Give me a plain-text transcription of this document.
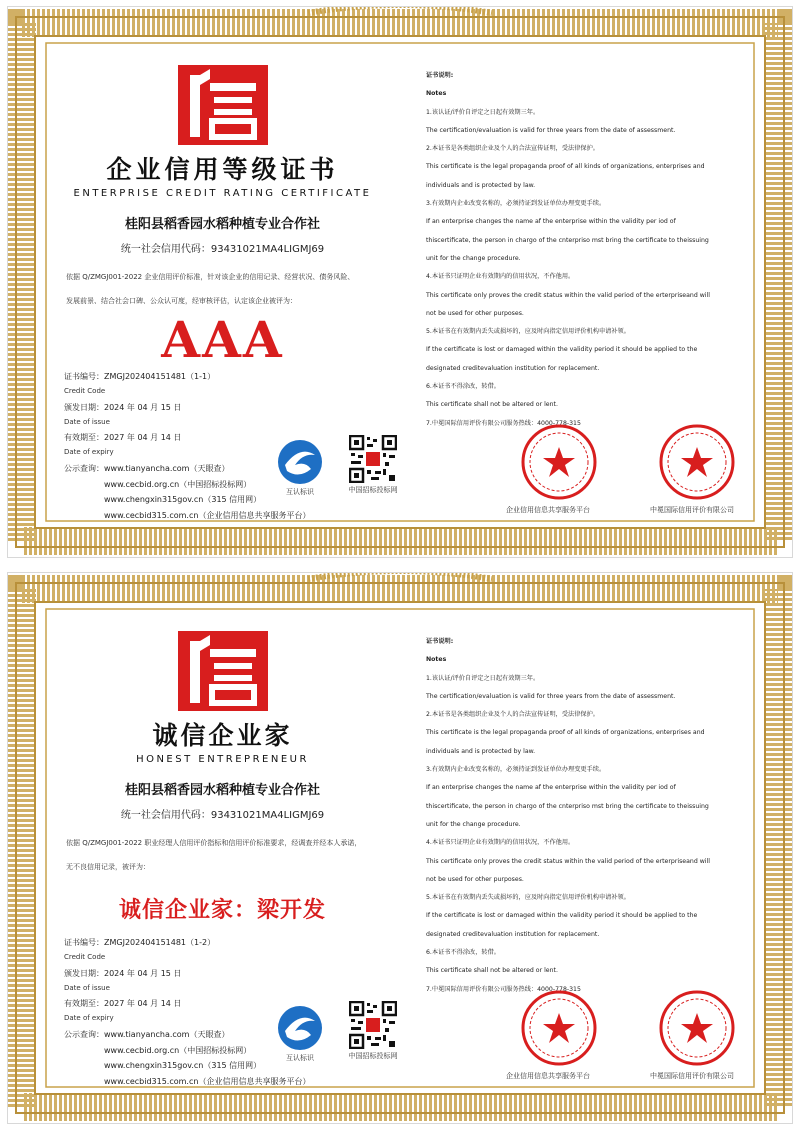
企业信用等级证书
ENTERPRISE CREDIT RATING CERTIFICATE
桂阳县稻香园水稻种植专业合作社
统一社会信用代码：93431021MA4LIGMJ69
依据 Q/ZMGJ001-2022 企业信用评价标准，针对该企业的信用记录、经营状况、债务风险、
发展前景、结合社会口碑、公众认可度，经审核评估，认定该企业被评为：
AAA
证书编号：ZMGJ202404151481（1-1）
Credit Code
颁发日期：2024 年 04 月 15 日
Date of issue
有效期至：2027 年 04 月 14 日
Date of expiry
公示查询：www.tianyancha.com（天眼查）
www.cecbid.org.cn（中国招标投标网）
www.chengxin315gov.cn（315 信用网）
www.cecbid315.com.cn（企业信用信息共享服务平台）
互认标识	中国招标投标网
证书说明:
Notes
1.该认证/评价自评定之日起有效期三年。
The certification/evaluation is valid for three years from the date of assessment.
2.本证书是各类组织企业及个人的合法宣传证明，受法律保护。
This certificate is the legal propaganda proof of all kinds of organizations, enterprises and
individuals and is protected by law.
3.有效期内企业改变名称的，必须持证到发证单位办理变更手续。
If an enterprise changes the name af the enterprise within the validity per iod of
thiscertificate, the person in chargo of the cnterpriso mst bring the certificate to theissuing
unit for the change procedure.
4.本证书只证明企业有效期内的信用状况，不作他用。
This certificate only proves the credit status within the valid period of the erterpriseand will
not be used for other purposes.
5.本证书在有效期内丢失或损坏的，应及时向指定信用评价机构申请补领。
If the certificate is lost or damaged within the validity period it should be applied to the
designated creditevaluation institution for replacement.
6.本证书不得涂改，转借。
This certificate shall not be altered or lent.
7.中冕国际信用评价有限公司服务热线：4000-778-315
企业信用信息共享服务平台	中冕国际信用评价有限公司
诚信企业家
HONEST ENTREPRENEUR
桂阳县稻香园水稻种植专业合作社
统一社会信用代码：93431021MA4LIGMJ69
依据 Q/ZMGJ001-2022 职业经理人信用评价指标和信用评价标准要求，经调查并经本人承诺，
无不良信用记录，被评为：
诚信企业家：梁开发
证书编号：ZMGJ202404151481（1-2）
Credit Code
颁发日期：2024 年 04 月 15 日
Date of issue
有效期至：2027 年 04 月 14 日
Date of expiry
公示查询：www.tianyancha.com（天眼查）
www.cecbid.org.cn（中国招标投标网）
www.chengxin315gov.cn（315 信用网）
www.cecbid315.com.cn（企业信用信息共享服务平台）
互认标识	中国招标投标网
证书说明:
Notes
1.该认证/评价自评定之日起有效期三年。
The certification/evaluation is valid for three years from the date of assessment.
2.本证书是各类组织企业及个人的合法宣传证明，受法律保护。
This certificate is the legal propaganda proof of all kinds of organizations, enterprises and
individuals and is protected by law.
3.有效期内企业改变名称的，必须持证到发证单位办理变更手续。
If an enterprise changes the name af the enterprise within the validity per iod of
thiscertificate, the person in chargo of the cnterpriso mst bring the certificate to theissuing
unit for the change procedure.
4.本证书只证明企业有效期内的信用状况，不作他用。
This certificate only proves the credit status within the valid period of the erterpriseand will
not be used for other purposes.
5.本证书在有效期内丢失或损坏的，应及时向指定信用评价机构申请补领。
If the certificate is lost or damaged within the validity period it should be applied to the
designated creditevaluation institution for replacement.
6.本证书不得涂改，转借。
This certificate shall not be altered or lent.
7.中冕国际信用评价有限公司服务热线：4000-778-315
企业信用信息共享服务平台	中冕国际信用评价有限公司
